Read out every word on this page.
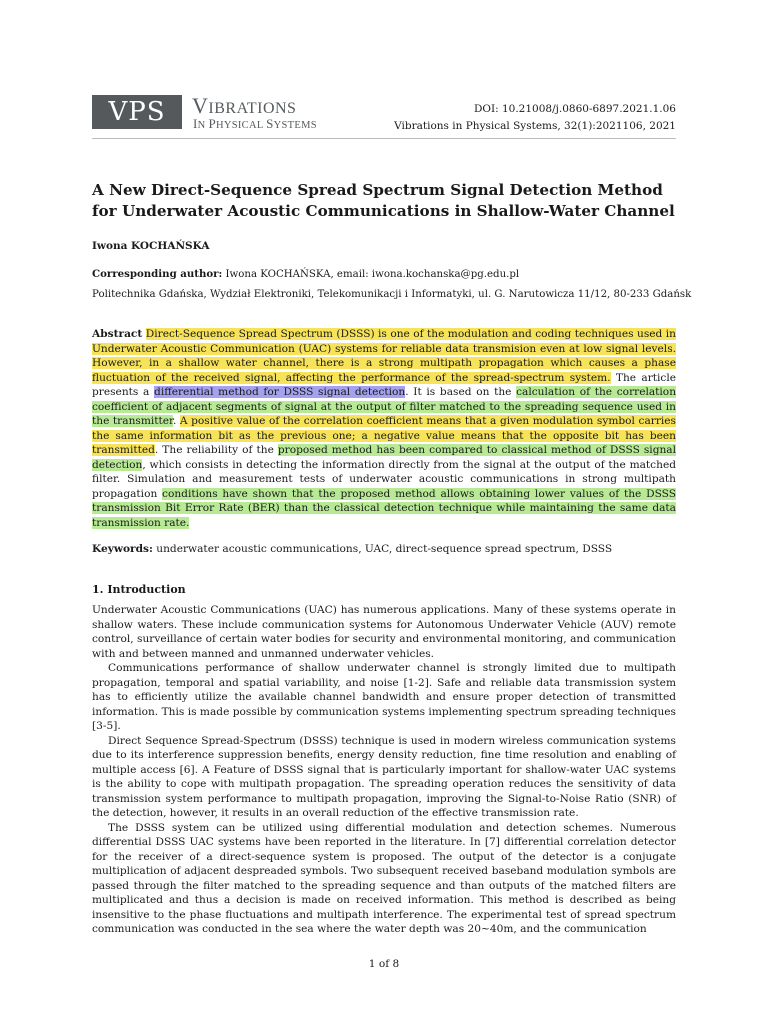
VPS VIBRATIONS
IN PHYSICAL SYSTEMS
DOI: 10.21008/j.0860-6897.2021.1.06
Vibrations in Physical Systems, 32(1):2021106, 2021
A New Direct-Sequence Spread Spectrum Signal Detection Method
for Underwater Acoustic Communications in Shallow-Water Channel
Iwona KOCHAŃSKA
Corresponding author: Iwona KOCHAŃSKA, email: iwona.kochanska@pg.edu.pl
Politechnika Gdańska, Wydział Elektroniki, Telekomunikacji i Informatyki, ul. G. Narutowicza 11/12, 80-233 Gdańsk
Abstract Direct-Sequence Spread Spectrum (DSSS) is one of the modulation and coding techniques used in Underwater Acoustic Communication (UAC) systems for reliable data transmision even at low signal levels. However, in a shallow water channel, there is a strong multipath propagation which causes a phase fluctuation of the received signal, affecting the performance of the spread-spectrum system. The article presents a differential method for DSSS signal detection. It is based on the calculation of the correlation coefficient of adjacent segments of signal at the output of filter matched to the spreading sequence used in the transmitter. A positive value of the correlation coefficient means that a given modulation symbol carries the same information bit as the previous one; a negative value means that the opposite bit has been transmitted. The reliability of the proposed method has been compared to classical method of DSSS signal detection, which consists in detecting the information directly from the signal at the output of the matched filter. Simulation and measurement tests of underwater acoustic communications in strong multipath propagation conditions have shown that the proposed method allows obtaining lower values of the DSSS transmission Bit Error Rate (BER) than the classical detection technique while maintaining the same data transmission rate.
Keywords: underwater acoustic communications, UAC, direct-sequence spread spectrum, DSSS
1. Introduction

Underwater Acoustic Communications (UAC) has numerous applications. Many of these systems operate in shallow waters. These include communication systems for Autonomous Underwater Vehicle (AUV) remote control, surveillance of certain water bodies for security and environmental monitoring, and communication with and between manned and unmanned underwater vehicles.

Communications performance of shallow underwater channel is strongly limited due to multipath propagation, temporal and spatial variability, and noise [1-2]. Safe and reliable data transmission system has to efficiently utilize the available channel bandwidth and ensure proper detection of transmitted information. This is made possible by communication systems implementing spectrum spreading techniques [3-5].

Direct Sequence Spread-Spectrum (DSSS) technique is used in modern wireless communication systems due to its interference suppression benefits, energy density reduction, fine time resolution and enabling of multiple access [6]. A Feature of DSSS signal that is particularly important for shallow-water UAC systems is the ability to cope with multipath propagation. The spreading operation reduces the sensitivity of data transmission system performance to multipath propagation, improving the Signal-to-Noise Ratio (SNR) of the detection, however, it results in an overall reduction of the effective transmission rate.

The DSSS system can be utilized using differential modulation and detection schemes. Numerous differential DSSS UAC systems have been reported in the literature. In [7] differential correlation detector for the receiver of a direct-sequence system is proposed. The output of the detector is a conjugate multiplication of adjacent despreaded symbols. Two subsequent received baseband modulation symbols are passed through the filter matched to the spreading sequence and than outputs of the matched filters are multiplicated and thus a decision is made on received information. This method is described as being insensitive to the phase fluctuations and multipath interference. The experimental test of spread spectrum communication was conducted in the sea where the water depth was 20~40m, and the communication

1 of 8
